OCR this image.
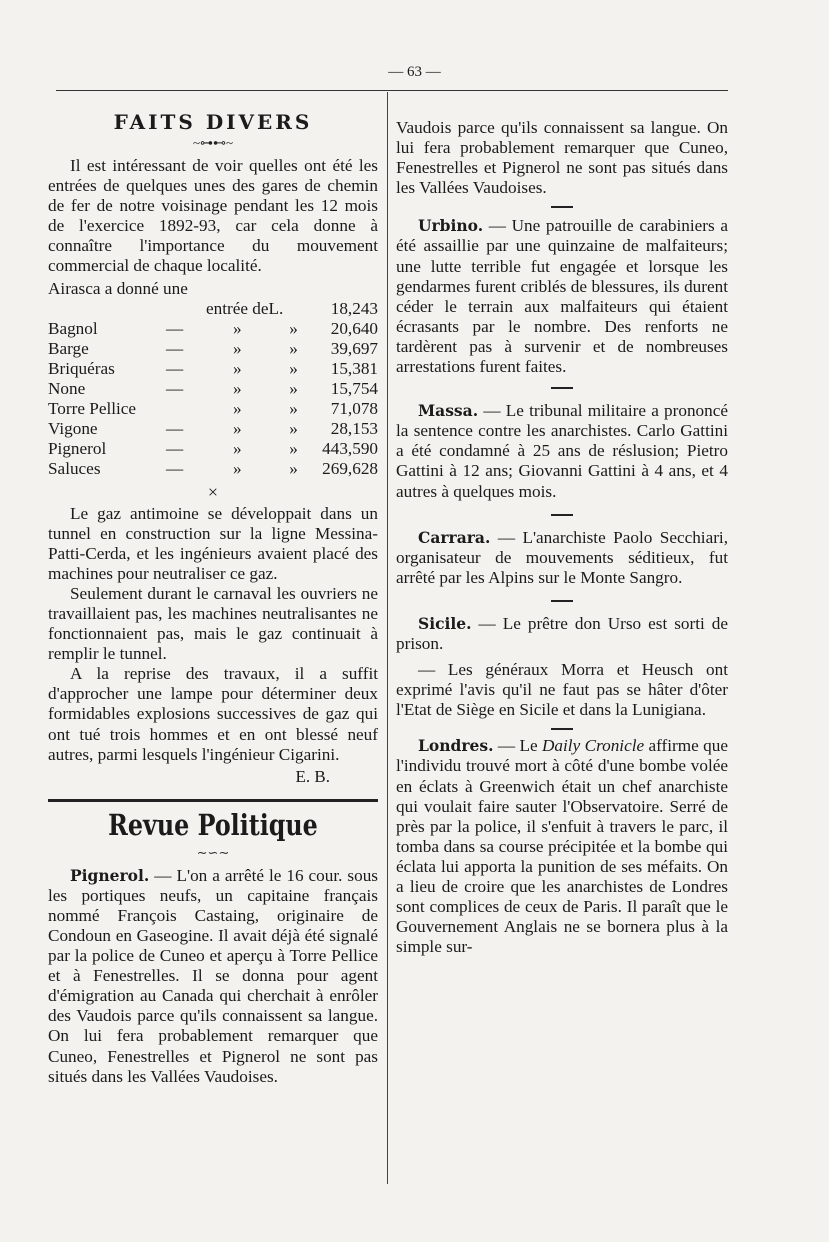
— 63 —
FAITS DIVERS
~⊶⊷~

Il est intéressant de voir quelles ont été les entrées de quelques unes des gares de chemin de fer de notre voisinage pendant les 12 mois de l'exercice 1892-93, car cela donne à connaître l'importance du mouvement commercial de chaque localité.

Airasca a donné une

		entrée de	L.	18,243
Bagnol	—	»	»	20,640
Barge	—	»	»	39,697
Briquéras	—	»	»	15,381
None	—	»	»	15,754
Torre Pellice		»	»	71,078
Vigone	—	»	»	28,153
Pignerol	—	»	»	443,590
Saluces	—	»	»	269,628
×

Le gaz antimoine se développait dans un tunnel en construction sur la ligne Messina-Patti-Cerda, et les ingénieurs avaient placé des machines pour neutraliser ce gaz.

Seulement durant le carnaval les ouvriers ne travaillaient pas, les machines neutralisantes ne fonctionnaient pas, mais le gaz continuait à remplir le tunnel.

A la reprise des travaux, il a suffit d'approcher une lampe pour déterminer deux formidables explosions successives de gaz qui ont tué trois hommes et en ont blessé neuf autres, parmi lesquels l'ingénieur Cigarini.

E. B.
Revue Politique
∼∽∼

Pignerol. — L'on a arrêté le 16 cour. sous les portiques neufs, un capitaine français nommé François Castaing, originaire de Condoun en Gaseogine. Il avait déjà été signalé par la police de Cuneo et aperçu à Torre Pellice et à Fenestrelles. Il se donna pour agent d'émigration au Canada qui cherchait à enrôler des Vaudois parce qu'ils connaissent sa langue. On lui fera probablement remarquer que Cuneo, Fenestrelles et Pignerol ne sont pas situés dans les Vallées Vaudoises.

Vaudois parce qu'ils connaissent sa langue. On lui fera probablement remarquer que Cuneo, Fenestrelles et Pignerol ne sont pas situés dans les Vallées Vaudoises.

Urbino. — Une patrouille de carabiniers a été assaillie par une quinzaine de malfaiteurs; une lutte terrible fut engagée et lorsque les gendarmes furent criblés de blessures, ils durent céder le terrain aux malfaiteurs qui étaient écrasants par le nombre. Des renforts ne tardèrent pas à survenir et de nombreuses arrestations furent faites.

Massa. — Le tribunal militaire a prononcé la sentence contre les anarchistes. Carlo Gattini a été condamné à 25 ans de réslusion; Pietro Gattini à 12 ans; Giovanni Gattini à 4 ans, et 4 autres à quelques mois.

Carrara. — L'anarchiste Paolo Secchiari, organisateur de mouvements séditieux, fut arrêté par les Alpins sur le Monte Sangro.

Sicile. — Le prêtre don Urso est sorti de prison.

— Les généraux Morra et Heusch ont exprimé l'avis qu'il ne faut pas se hâter d'ôter l'Etat de Siège en Sicile et dans la Lunigiana.

Londres. — Le Daily Cronicle affirme que l'individu trouvé mort à côté d'une bombe volée en éclats à Greenwich était un chef anarchiste qui voulait faire sauter l'Observatoire. Serré de près par la police, il s'enfuit à travers le parc, il tomba dans sa course précipitée et la bombe qui éclata lui apporta la punition de ses méfaits. On a lieu de croire que les anarchistes de Londres sont complices de ceux de Paris. Il paraît que le Gouvernement Anglais ne se bornera plus à la simple sur-
